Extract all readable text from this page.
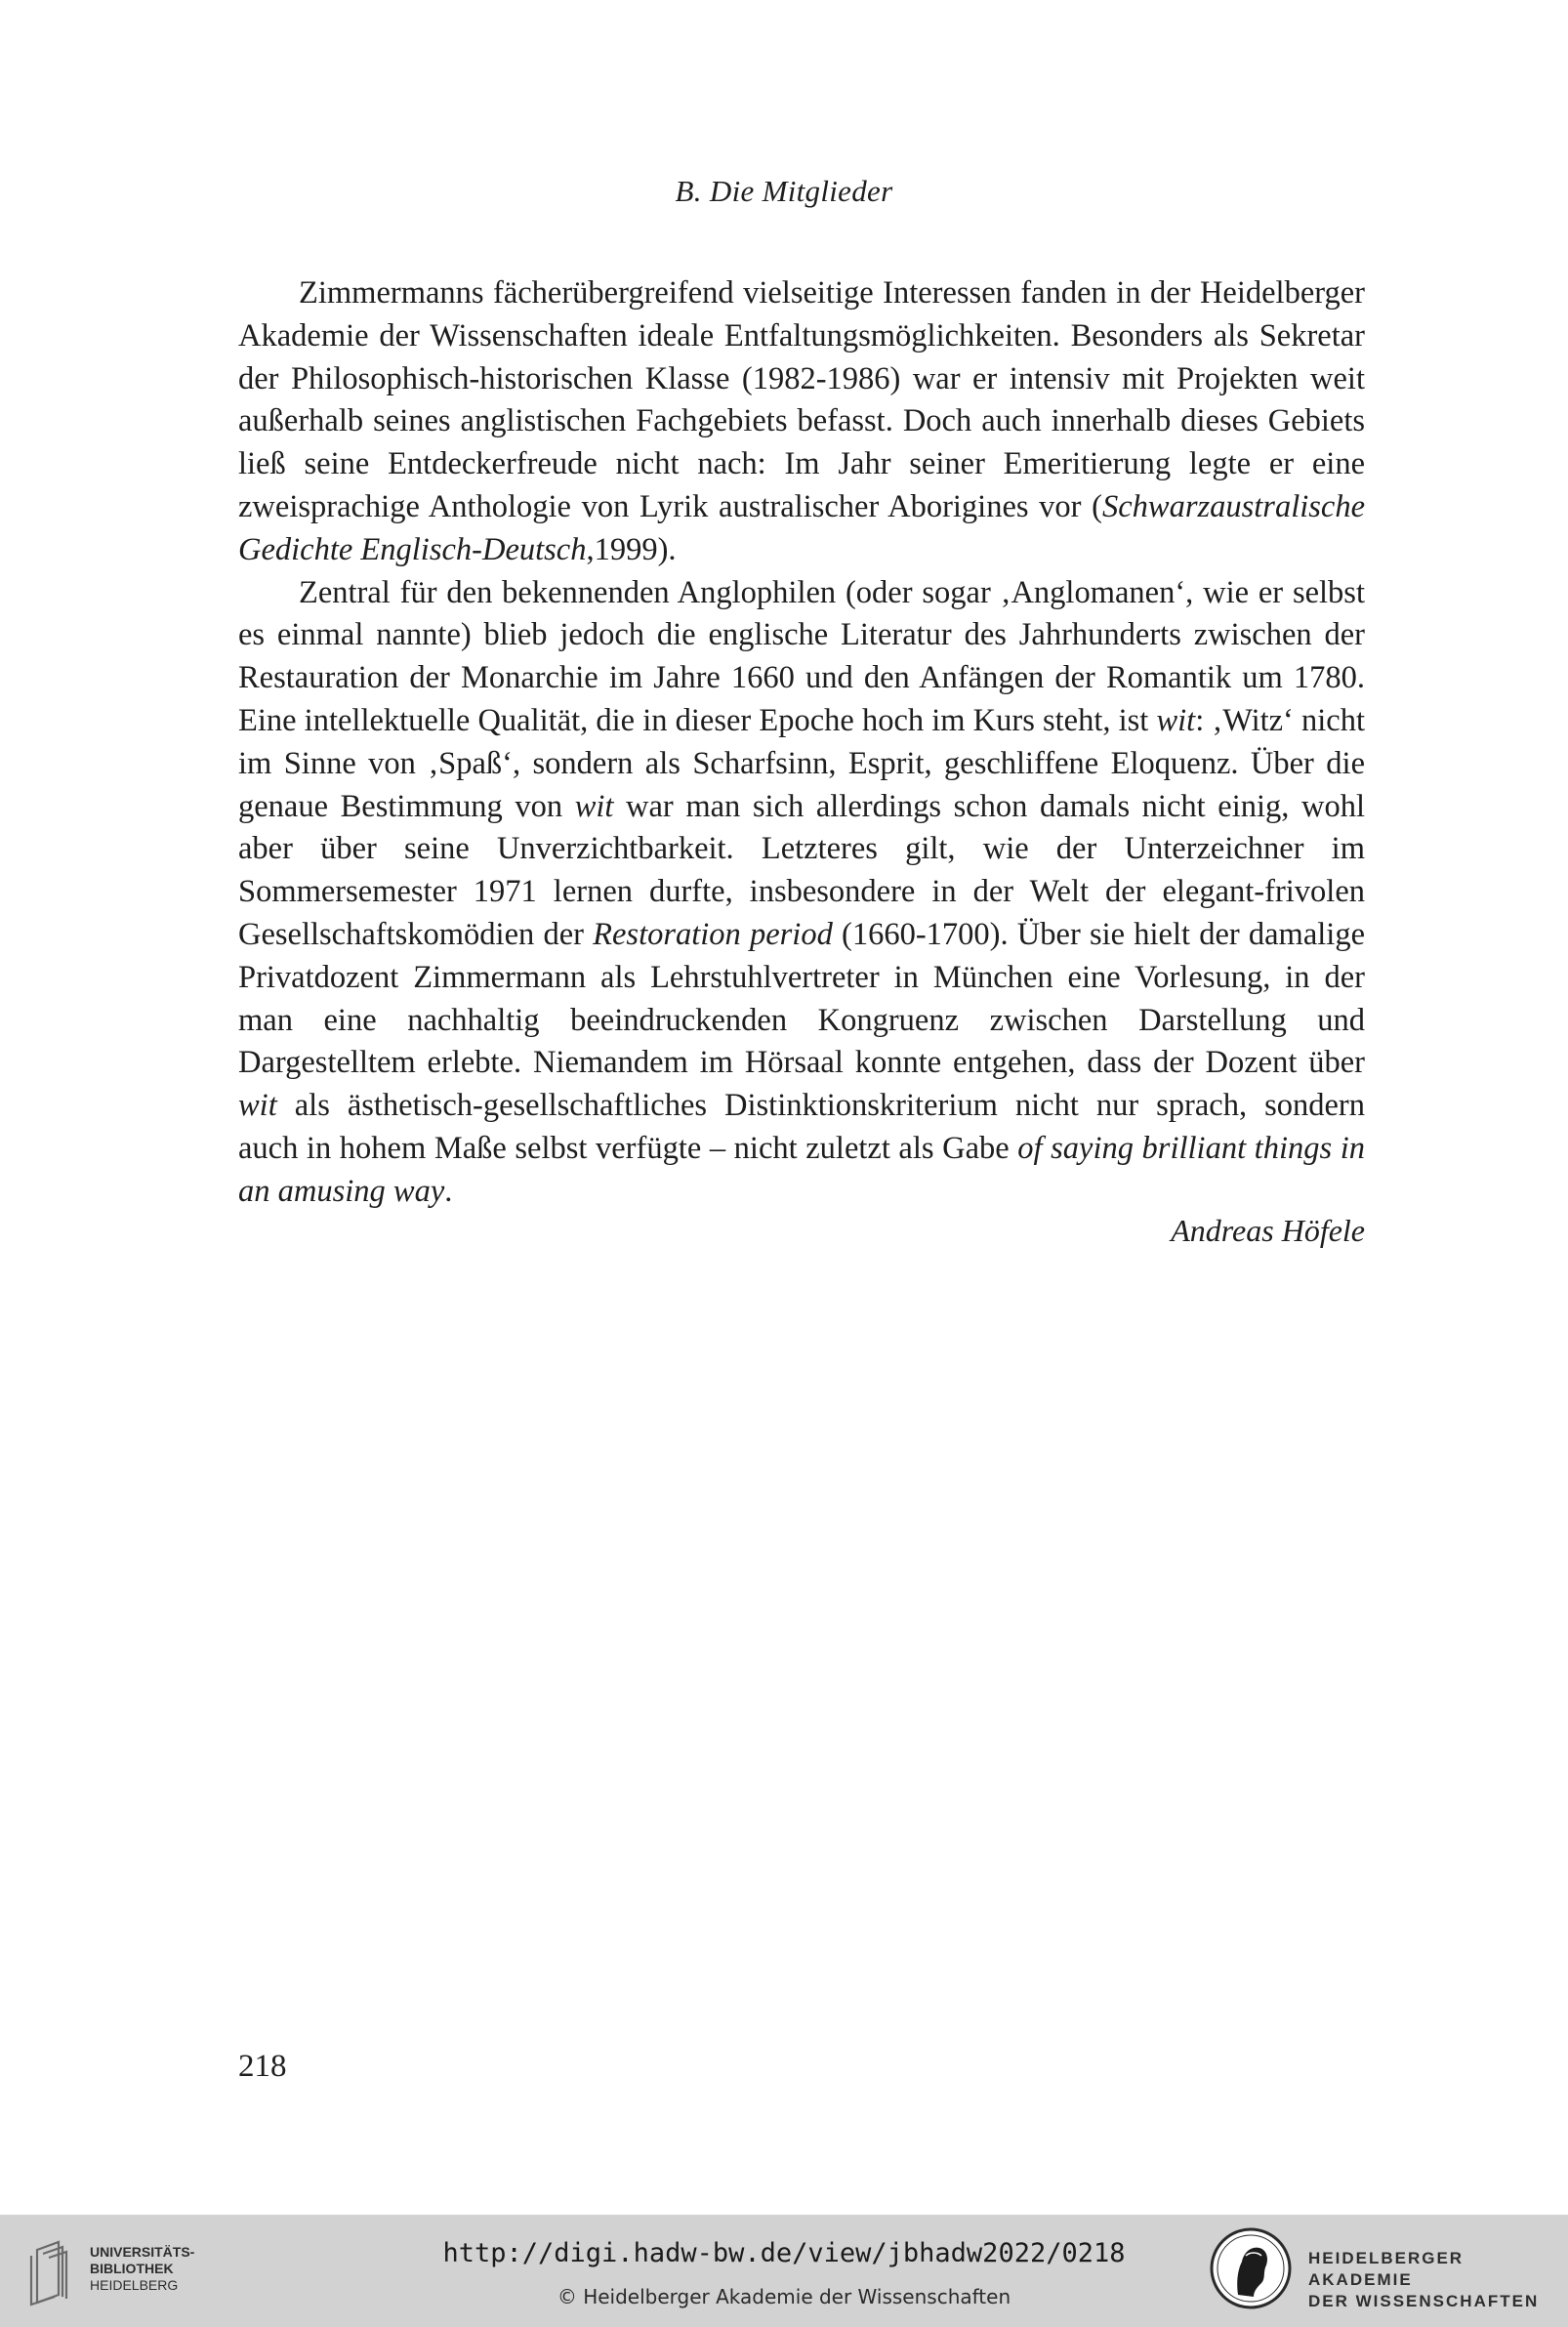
B. Die Mitglieder

Zimmermanns fächerübergreifend vielseitige Interessen fanden in der Heidelberger Akademie der Wissenschaften ideale Entfaltungsmöglichkeiten. Besonders als Sekretar der Philosophisch-historischen Klasse (1982-1986) war er intensiv mit Projekten weit außerhalb seines anglistischen Fachgebiets befasst. Doch auch innerhalb dieses Gebiets ließ seine Entdeckerfreude nicht nach: Im Jahr seiner Emeritierung legte er eine zweisprachige Anthologie von Lyrik australischer Aborigines vor (Schwarzaustralische Gedichte Englisch-Deutsch,1999).

Zentral für den bekennenden Anglophilen (oder sogar ‚Anglomanen‘, wie er selbst es einmal nannte) blieb jedoch die englische Literatur des Jahrhunderts zwischen der Restauration der Monarchie im Jahre 1660 und den Anfängen der Romantik um 1780. Eine intellektuelle Qualität, die in dieser Epoche hoch im Kurs steht, ist wit: ‚Witz‘ nicht im Sinne von ‚Spaß‘, sondern als Scharfsinn, Esprit, geschliffene Eloquenz. Über die genaue Bestimmung von wit war man sich allerdings schon damals nicht einig, wohl aber über seine Unverzichtbarkeit. Letzteres gilt, wie der Unterzeichner im Sommersemester 1971 lernen durfte, insbesondere in der Welt der elegant-frivolen Gesellschaftskomödien der Restoration period (1660-1700). Über sie hielt der damalige Privatdozent Zimmermann als Lehrstuhlvertreter in München eine Vorlesung, in der man eine nachhaltig beeindruckenden Kongruenz zwischen Darstellung und Dargestelltem erlebte. Niemandem im Hörsaal konnte entgehen, dass der Dozent über wit als ästhetisch-gesellschaftliches Distinktionskriterium nicht nur sprach, sondern auch in hohem Maße selbst verfügte – nicht zuletzt als Gabe of saying brilliant things in an amusing way.

Andreas Höfele
218
UNIVERSITÄTS-
BIBLIOTHEK
HEIDELBERG
http://digi.hadw-bw.de/view/jbhadw2022/0218
© Heidelberger Akademie der Wissenschaften
HEIDELBERGER AKADEMIE
DER WISSENSCHAFTEN
